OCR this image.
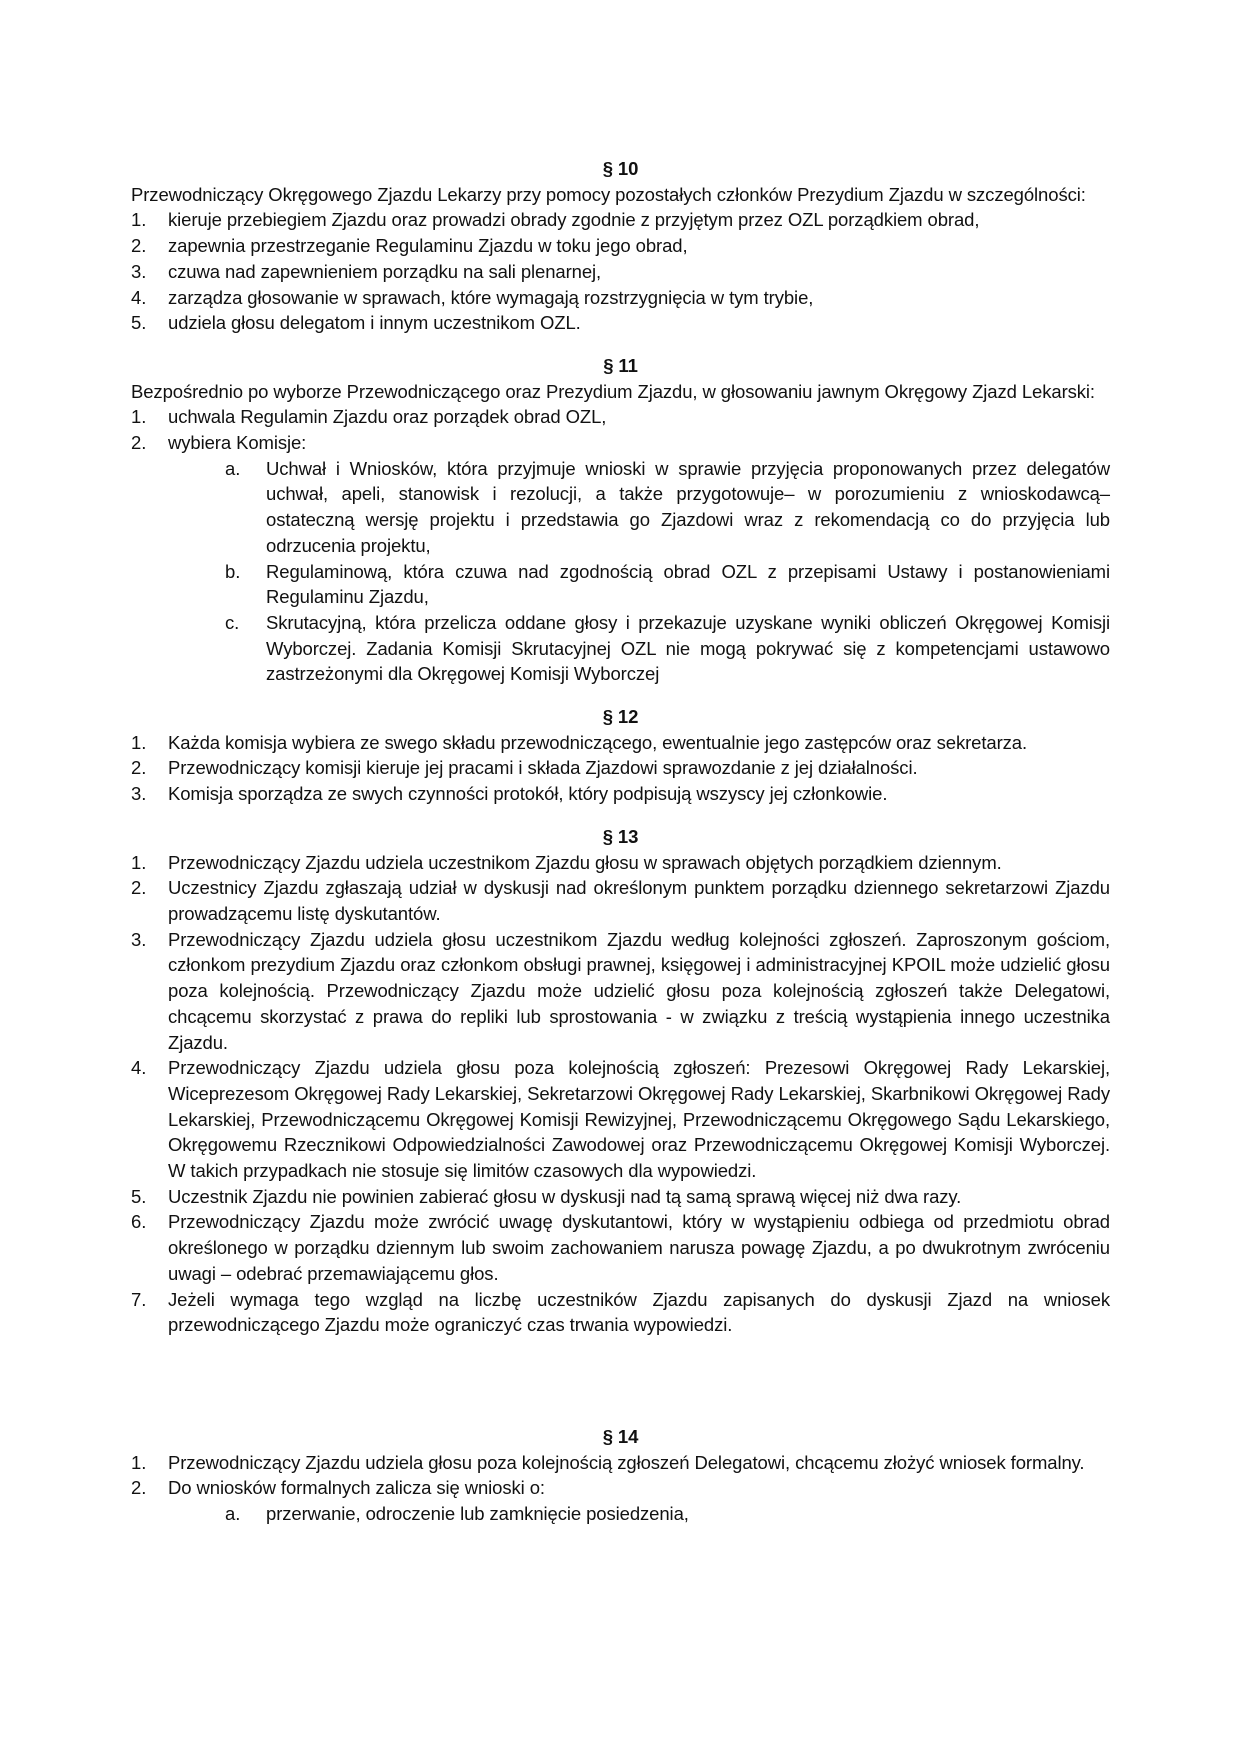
§ 10

Przewodniczący Okręgowego Zjazdu Lekarzy przy pomocy pozostałych członków Prezydium Zjazdu w szczególności:

1.	kieruje przebiegiem Zjazdu oraz prowadzi obrady zgodnie z przyjętym przez OZL porządkiem obrad,
2.	zapewnia przestrzeganie Regulaminu Zjazdu w toku jego obrad,
3.	czuwa nad zapewnieniem porządku na sali plenarnej,
4.	zarządza głosowanie w sprawach, które wymagają rozstrzygnięcia w tym trybie,
5.	udziela głosu delegatom i innym uczestnikom OZL.
§ 11

Bezpośrednio po wyborze Przewodniczącego oraz Prezydium Zjazdu, w głosowaniu jawnym Okręgowy Zjazd Lekarski:

1.	uchwala Regulamin Zjazdu oraz porządek obrad OZL,
2.	wybiera Komisje:
a.	Uchwał i Wniosków, która przyjmuje wnioski w sprawie przyjęcia proponowanych przez delegatów uchwał, apeli, stanowisk i rezolucji, a także przygotowuje– w porozumieniu z wnioskodawcą– ostateczną wersję projektu i przedstawia go Zjazdowi wraz z rekomendacją co do przyjęcia lub odrzucenia projektu,
b.	Regulaminową, która czuwa nad zgodnością obrad OZL z przepisami Ustawy i postanowieniami Regulaminu Zjazdu,
c.	Skrutacyjną, która przelicza oddane głosy i przekazuje uzyskane wyniki obliczeń Okręgowej Komisji Wyborczej. Zadania Komisji Skrutacyjnej OZL nie mogą pokrywać się z kompetencjami ustawowo zastrzeżonymi dla Okręgowej Komisji Wyborczej
§ 12
1.	Każda komisja wybiera ze swego składu przewodniczącego, ewentualnie jego zastępców oraz sekretarza.
2.	Przewodniczący komisji kieruje jej pracami i składa Zjazdowi sprawozdanie z jej działalności.
3.	Komisja sporządza ze swych czynności protokół, który podpisują wszyscy jej członkowie.
§ 13
1.	Przewodniczący Zjazdu udziela uczestnikom Zjazdu głosu w sprawach objętych porządkiem dziennym.
2.	Uczestnicy Zjazdu zgłaszają udział w dyskusji nad określonym punktem porządku dziennego sekretarzowi Zjazdu prowadzącemu listę dyskutantów.
3.	Przewodniczący Zjazdu udziela głosu uczestnikom Zjazdu według kolejności zgłoszeń. Zaproszonym gościom, członkom prezydium Zjazdu oraz członkom obsługi prawnej, księgowej i administracyjnej KPOIL może udzielić głosu poza kolejnością. Przewodniczący Zjazdu może udzielić głosu poza kolejnością zgłoszeń także Delegatowi, chcącemu skorzystać z prawa do repliki lub sprostowania - w związku z treścią wystąpienia innego uczestnika Zjazdu.
4.	Przewodniczący Zjazdu udziela głosu poza kolejnością zgłoszeń: Prezesowi Okręgowej Rady Lekarskiej, Wiceprezesom Okręgowej Rady Lekarskiej, Sekretarzowi Okręgowej Rady Lekarskiej, Skarbnikowi Okręgowej Rady Lekarskiej, Przewodniczącemu Okręgowej Komisji Rewizyjnej, Przewodniczącemu Okręgowego Sądu Lekarskiego, Okręgowemu Rzecznikowi Odpowiedzialności Zawodowej oraz Przewodniczącemu Okręgowej Komisji Wyborczej. W takich przypadkach nie stosuje się limitów czasowych dla wypowiedzi.
5.	Uczestnik Zjazdu nie powinien zabierać głosu w dyskusji nad tą samą sprawą więcej niż dwa razy.
6.	Przewodniczący Zjazdu może zwrócić uwagę dyskutantowi, który w wystąpieniu odbiega od przedmiotu obrad określonego w porządku dziennym lub swoim zachowaniem narusza powagę Zjazdu, a po dwukrotnym zwróceniu uwagi – odebrać przemawiającemu głos.
7.	Jeżeli wymaga tego wzgląd na liczbę uczestników Zjazdu zapisanych do dyskusji Zjazd na wniosek przewodniczącego Zjazdu może ograniczyć czas trwania wypowiedzi.
§ 14
1.	Przewodniczący Zjazdu udziela głosu poza kolejnością zgłoszeń Delegatowi, chcącemu złożyć wniosek formalny.
2.	Do wniosków formalnych zalicza się wnioski o:
a.	przerwanie, odroczenie lub zamknięcie posiedzenia,
